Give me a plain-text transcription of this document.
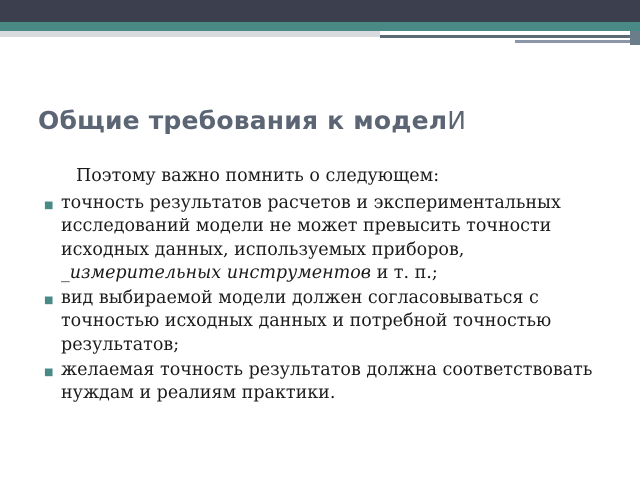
Общие требования к моделИ
Поэтому важно помнить о следующем:
■ точность результатов расчетов и экспериментальных исследований модели не может превысить точности исходных данных, используемых приборов, _измерительных инструментов и т. п.;
■ вид выбираемой модели должен согласовываться с точностью исходных данных и потребной точностью результатов;
■ желаемая точность результатов должна соответствовать нуждам и реалиям практики.
